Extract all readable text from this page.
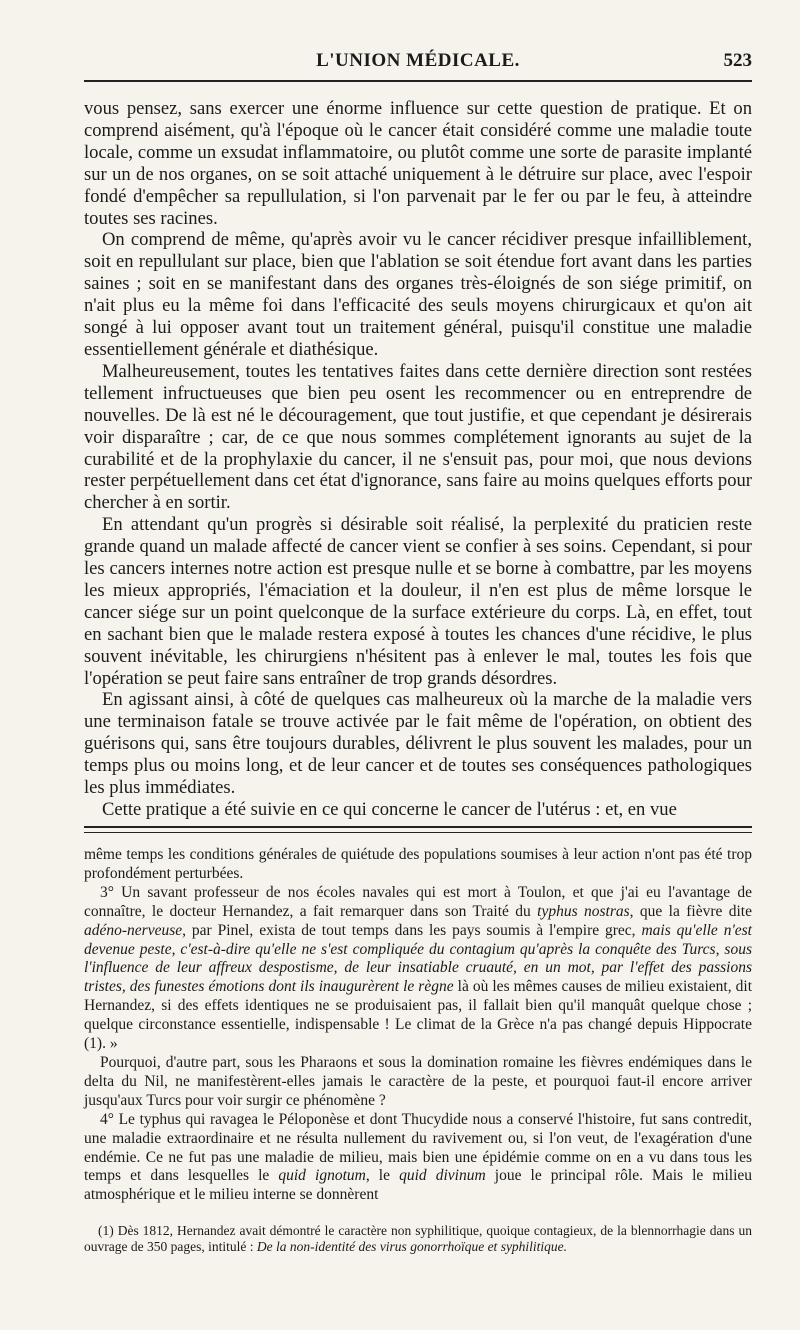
L'UNION MÉDICALE.	523

vous pensez, sans exercer une énorme influence sur cette question de pratique. Et on comprend aisément, qu'à l'époque où le cancer était considéré comme une maladie toute locale, comme un exsudat inflammatoire, ou plutôt comme une sorte de parasite implanté sur un de nos organes, on se soit attaché uniquement à le détruire sur place, avec l'espoir fondé d'empêcher sa repullulation, si l'on parvenait par le fer ou par le feu, à atteindre toutes ses racines.

On comprend de même, qu'après avoir vu le cancer récidiver presque infailliblement, soit en repullulant sur place, bien que l'ablation se soit étendue fort avant dans les parties saines ; soit en se manifestant dans des organes très-éloignés de son siége primitif, on n'ait plus eu la même foi dans l'efficacité des seuls moyens chirurgicaux et qu'on ait songé à lui opposer avant tout un traitement général, puisqu'il constitue une maladie essentiellement générale et diathésique.

Malheureusement, toutes les tentatives faites dans cette dernière direction sont restées tellement infructueuses que bien peu osent les recommencer ou en entreprendre de nouvelles. De là est né le découragement, que tout justifie, et que cependant je désirerais voir disparaître ; car, de ce que nous sommes complétement ignorants au sujet de la curabilité et de la prophylaxie du cancer, il ne s'ensuit pas, pour moi, que nous devions rester perpétuellement dans cet état d'ignorance, sans faire au moins quelques efforts pour chercher à en sortir.

En attendant qu'un progrès si désirable soit réalisé, la perplexité du praticien reste grande quand un malade affecté de cancer vient se confier à ses soins. Cependant, si pour les cancers internes notre action est presque nulle et se borne à combattre, par les moyens les mieux appropriés, l'émaciation et la douleur, il n'en est plus de même lorsque le cancer siége sur un point quelconque de la surface extérieure du corps. Là, en effet, tout en sachant bien que le malade restera exposé à toutes les chances d'une récidive, le plus souvent inévitable, les chirurgiens n'hésitent pas à enlever le mal, toutes les fois que l'opération se peut faire sans entraîner de trop grands désordres.

En agissant ainsi, à côté de quelques cas malheureux où la marche de la maladie vers une terminaison fatale se trouve activée par le fait même de l'opération, on obtient des guérisons qui, sans être toujours durables, délivrent le plus souvent les malades, pour un temps plus ou moins long, et de leur cancer et de toutes ses conséquences pathologiques les plus immédiates.

Cette pratique a été suivie en ce qui concerne le cancer de l'utérus : et, en vue

même temps les conditions générales de quiétude des populations soumises à leur action n'ont pas été trop profondément perturbées.

3° Un savant professeur de nos écoles navales qui est mort à Toulon, et que j'ai eu l'avantage de connaître, le docteur Hernandez, a fait remarquer dans son Traité du typhus nostras, que la fièvre dite adéno-nerveuse, par Pinel, exista de tout temps dans les pays soumis à l'empire grec, mais qu'elle n'est devenue peste, c'est-à-dire qu'elle ne s'est compliquée du contagium qu'après la conquête des Turcs, sous l'influence de leur affreux despostisme, de leur insatiable cruauté, en un mot, par l'effet des passions tristes, des funestes émotions dont ils inaugurèrent le règne là où les mêmes causes de milieu existaient, dit Hernandez, si des effets identiques ne se produisaient pas, il fallait bien qu'il manquât quelque chose ; quelque circonstance essentielle, indispensable ! Le climat de la Grèce n'a pas changé depuis Hippocrate (1). »

Pourquoi, d'autre part, sous les Pharaons et sous la domination romaine les fièvres endémiques dans le delta du Nil, ne manifestèrent-elles jamais le caractère de la peste, et pourquoi faut-il encore arriver jusqu'aux Turcs pour voir surgir ce phénomène ?

4° Le typhus qui ravagea le Péloponèse et dont Thucydide nous a conservé l'histoire, fut sans contredit, une maladie extraordinaire et ne résulta nullement du ravivement ou, si l'on veut, de l'exagération d'une endémie. Ce ne fut pas une maladie de milieu, mais bien une épidémie comme on en a vu dans tous les temps et dans lesquelles le quid ignotum, le quid divinum joue le principal rôle. Mais le milieu atmosphérique et le milieu interne se donnèrent

(1) Dès 1812, Hernandez avait démontré le caractère non syphilitique, quoique contagieux, de la blennorrhagie dans un ouvrage de 350 pages, intitulé : De la non-identité des virus gonorrhoïque et syphilitique.
